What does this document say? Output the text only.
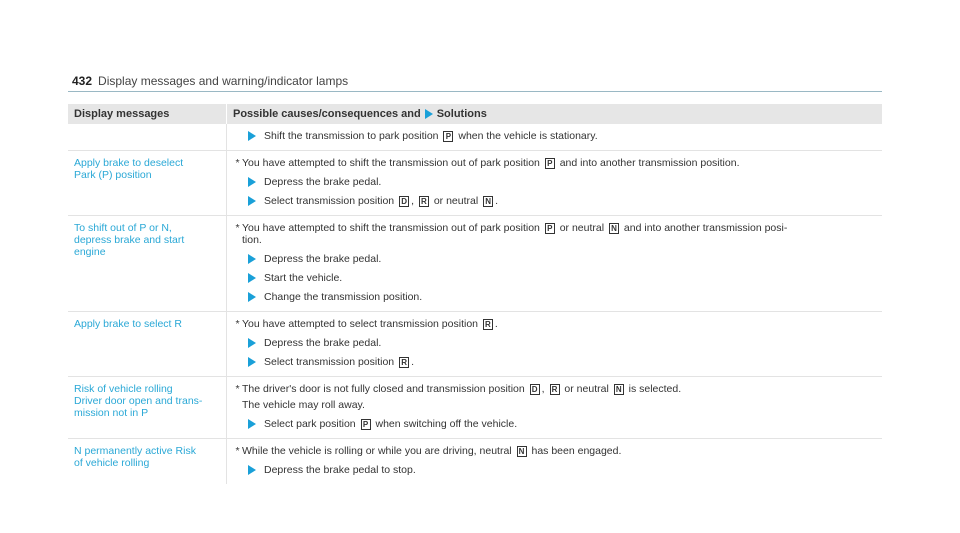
432 Display messages and warning/indicator lamps
Display messages	Possible causes/consequences and Solutions
Shift the transmission to park position P when the vehicle is stationary.
Apply brake to deselect
Park (P) position
* You have attempted to shift the transmission out of park position P and into another transmission position.
Depress the brake pedal.
Select transmission position D , R or neutral N .
To shift out of P or N,
depress brake and start
engine
* You have attempted to shift the transmission out of park position P or neutral N and into another transmission posi-
tion.
Depress the brake pedal.
Start the vehicle.
Change the transmission position.
Apply brake to select R	* You have attempted to select transmission position R .
Depress the brake pedal.
Select transmission position R .
Risk of vehicle rolling
Driver door open and trans-
mission not in P
* The driver's door is not fully closed and transmission position D , R or neutral N is selected.
The vehicle may roll away.
Select park position P when switching off the vehicle.
N permanently active Risk
of vehicle rolling
* While the vehicle is rolling or while you are driving, neutral N has been engaged.
Depress the brake pedal to stop.
